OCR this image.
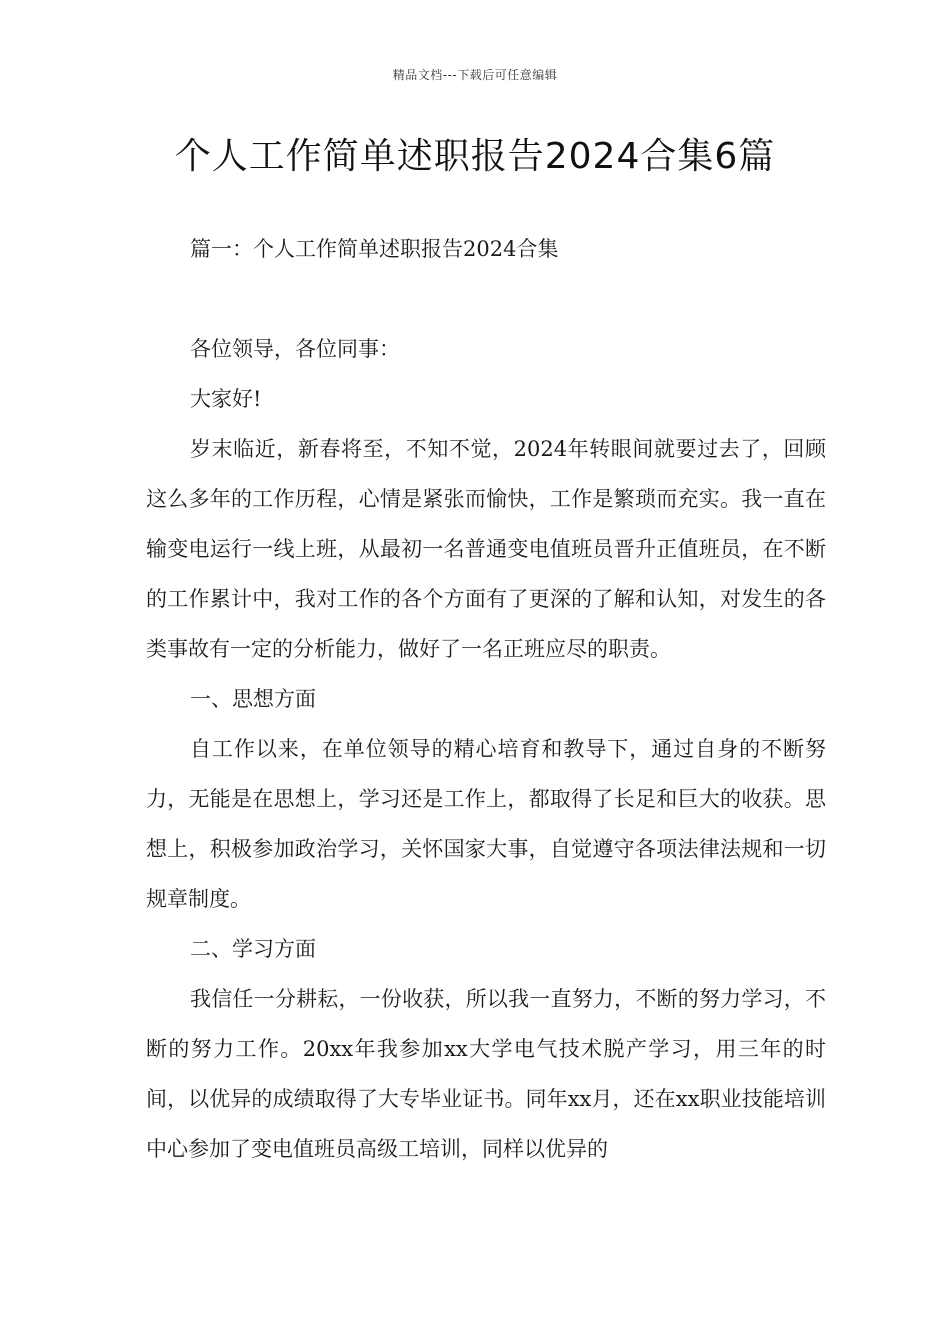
精品文档---下载后可任意编辑
个人工作简单述职报告2024合集6篇

篇一：个人工作简单述职报告2024合集

各位领导，各位同事：

大家好!

岁末临近，新春将至，不知不觉，2024年转眼间就要过去了，回顾这么多年的工作历程，心情是紧张而愉快，工作是繁琐而充实。我一直在输变电运行一线上班，从最初一名普通变电值班员晋升正值班员，在不断的工作累计中，我对工作的各个方面有了更深的了解和认知，对发生的各类事故有一定的分析能力，做好了一名正班应尽的职责。

一、思想方面

自工作以来，在单位领导的精心培育和教导下，通过自身的不断努力，无能是在思想上，学习还是工作上，都取得了长足和巨大的收获。思想上，积极参加政治学习，关怀国家大事，自觉遵守各项法律法规和一切规章制度。

二、学习方面

我信任一分耕耘，一份收获，所以我一直努力，不断的努力学习，不断的努力工作。20xx年我参加xx大学电气技术脱产学习，用三年的时间，以优异的成绩取得了大专毕业证书。同年xx月，还在xx职业技能培训中心参加了变电值班员高级工培训，同样以优异的
